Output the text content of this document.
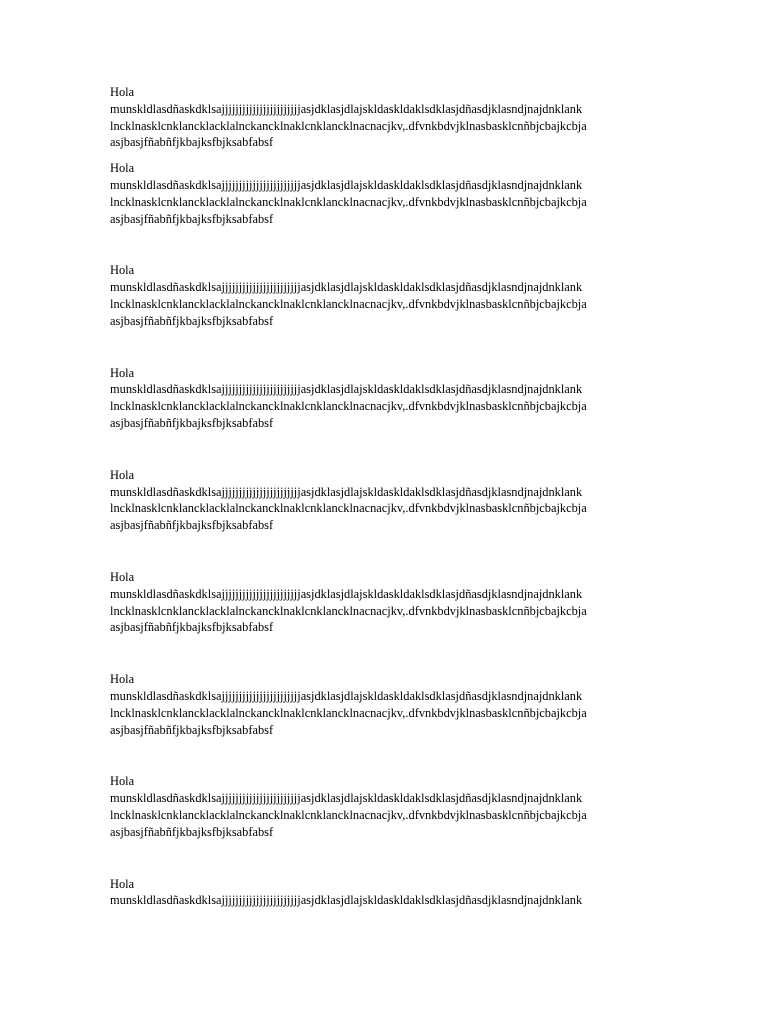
Hola
munskldlasdñaskdklsajjjjjjjjjjjjjjjjjjjjjjjasjdklasjdlajskldaskldaklsdklasjdñasdjklasndjnajdnklank
lncklnasklcnklancklacklalnckancklnaklcnklancklnacnacjkv,.dfvnkbdvjklnasbasklcnñbjcbajkcbja
asjbasjfñabñfjkbajksfbjksabfabsf
Hola
munskldlasdñaskdklsajjjjjjjjjjjjjjjjjjjjjjjasjdklasjdlajskldaskldaklsdklasjdñasdjklasndjnajdnklank
lncklnasklcnklancklacklalnckancklnaklcnklancklnacnacjkv,.dfvnkbdvjklnasbasklcnñbjcbajkcbja
asjbasjfñabñfjkbajksfbjksabfabsf
Hola
munskldlasdñaskdklsajjjjjjjjjjjjjjjjjjjjjjjasjdklasjdlajskldaskldaklsdklasjdñasdjklasndjnajdnklank
lncklnasklcnklancklacklalnckancklnaklcnklancklnacnacjkv,.dfvnkbdvjklnasbasklcnñbjcbajkcbja
asjbasjfñabñfjkbajksfbjksabfabsf
Hola
munskldlasdñaskdklsajjjjjjjjjjjjjjjjjjjjjjjasjdklasjdlajskldaskldaklsdklasjdñasdjklasndjnajdnklank
lncklnasklcnklancklacklalnckancklnaklcnklancklnacnacjkv,.dfvnkbdvjklnasbasklcnñbjcbajkcbja
asjbasjfñabñfjkbajksfbjksabfabsf
Hola
munskldlasdñaskdklsajjjjjjjjjjjjjjjjjjjjjjjasjdklasjdlajskldaskldaklsdklasjdñasdjklasndjnajdnklank
lncklnasklcnklancklacklalnckancklnaklcnklancklnacnacjkv,.dfvnkbdvjklnasbasklcnñbjcbajkcbja
asjbasjfñabñfjkbajksfbjksabfabsf
Hola
munskldlasdñaskdklsajjjjjjjjjjjjjjjjjjjjjjjasjdklasjdlajskldaskldaklsdklasjdñasdjklasndjnajdnklank
lncklnasklcnklancklacklalnckancklnaklcnklancklnacnacjkv,.dfvnkbdvjklnasbasklcnñbjcbajkcbja
asjbasjfñabñfjkbajksfbjksabfabsf
Hola
munskldlasdñaskdklsajjjjjjjjjjjjjjjjjjjjjjjasjdklasjdlajskldaskldaklsdklasjdñasdjklasndjnajdnklank
lncklnasklcnklancklacklalnckancklnaklcnklancklnacnacjkv,.dfvnkbdvjklnasbasklcnñbjcbajkcbja
asjbasjfñabñfjkbajksfbjksabfabsf
Hola
munskldlasdñaskdklsajjjjjjjjjjjjjjjjjjjjjjjasjdklasjdlajskldaskldaklsdklasjdñasdjklasndjnajdnklank
lncklnasklcnklancklacklalnckancklnaklcnklancklnacnacjkv,.dfvnkbdvjklnasbasklcnñbjcbajkcbja
asjbasjfñabñfjkbajksfbjksabfabsf
Hola
munskldlasdñaskdklsajjjjjjjjjjjjjjjjjjjjjjjasjdklasjdlajskldaskldaklsdklasjdñasdjklasndjnajdnklank
